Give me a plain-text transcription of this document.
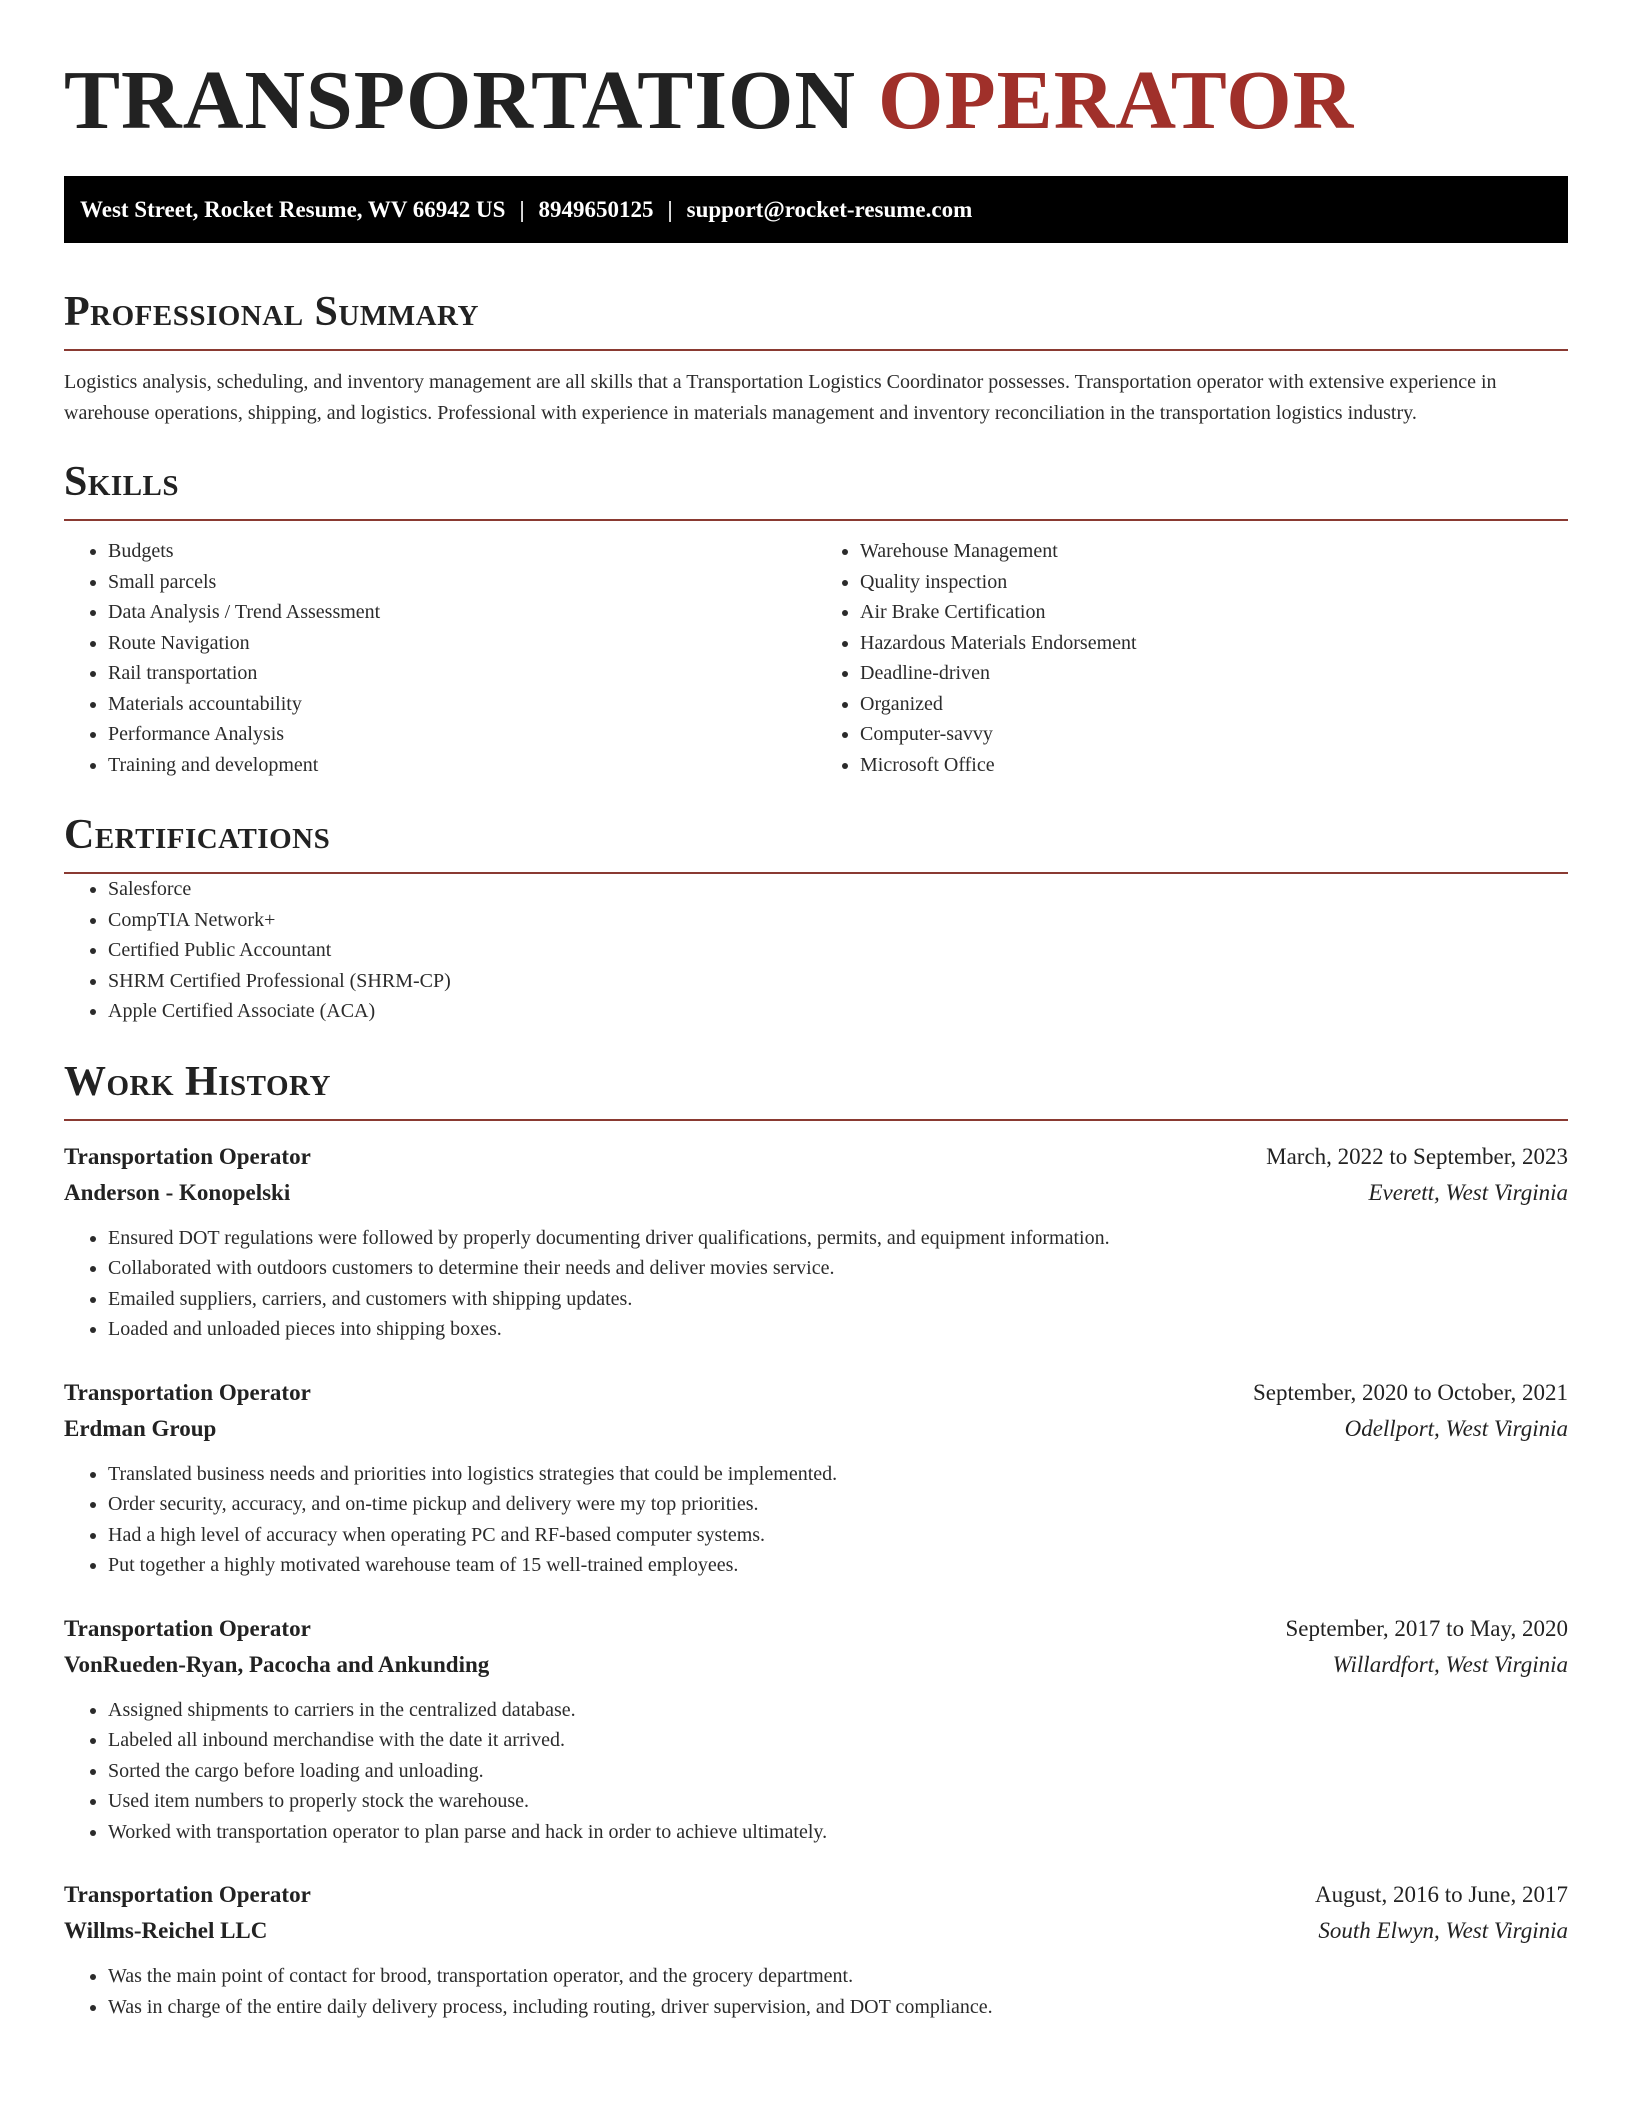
TRANSPORTATION OPERATOR
West Street, Rocket Resume, WV 66942 US | 8949650125 | support@rocket-resume.com
Professional Summary

Logistics analysis, scheduling, and inventory management are all skills that a Transportation Logistics Coordinator possesses. Transportation operator with extensive experience in warehouse operations, shipping, and logistics. Professional with experience in materials management and inventory reconciliation in the transportation logistics industry.

Skills
• Budgets
• Small parcels
• Data Analysis / Trend Assessment
• Route Navigation
• Rail transportation
• Materials accountability
• Performance Analysis
• Training and development
• Warehouse Management
• Quality inspection
• Air Brake Certification
• Hazardous Materials Endorsement
• Deadline-driven
• Organized
• Computer-savvy
• Microsoft Office
Certifications
• Salesforce
• CompTIA Network+
• Certified Public Accountant
• SHRM Certified Professional (SHRM-CP)
• Apple Certified Associate (ACA)
Work History
Transportation Operator	March, 2022 to September, 2023
Anderson - Konopelski	Everett, West Virginia
• Ensured DOT regulations were followed by properly documenting driver qualifications, permits, and equipment information.
• Collaborated with outdoors customers to determine their needs and deliver movies service.
• Emailed suppliers, carriers, and customers with shipping updates.
• Loaded and unloaded pieces into shipping boxes.
Transportation Operator	September, 2020 to October, 2021
Erdman Group	Odellport, West Virginia
• Translated business needs and priorities into logistics strategies that could be implemented.
• Order security, accuracy, and on-time pickup and delivery were my top priorities.
• Had a high level of accuracy when operating PC and RF-based computer systems.
• Put together a highly motivated warehouse team of 15 well-trained employees.
Transportation Operator	September, 2017 to May, 2020
VonRueden-Ryan, Pacocha and Ankunding	Willardfort, West Virginia
• Assigned shipments to carriers in the centralized database.
• Labeled all inbound merchandise with the date it arrived.
• Sorted the cargo before loading and unloading.
• Used item numbers to properly stock the warehouse.
• Worked with transportation operator to plan parse and hack in order to achieve ultimately.
Transportation Operator	August, 2016 to June, 2017
Willms-Reichel LLC	South Elwyn, West Virginia
• Was the main point of contact for brood, transportation operator, and the grocery department.
• Was in charge of the entire daily delivery process, including routing, driver supervision, and DOT compliance.
